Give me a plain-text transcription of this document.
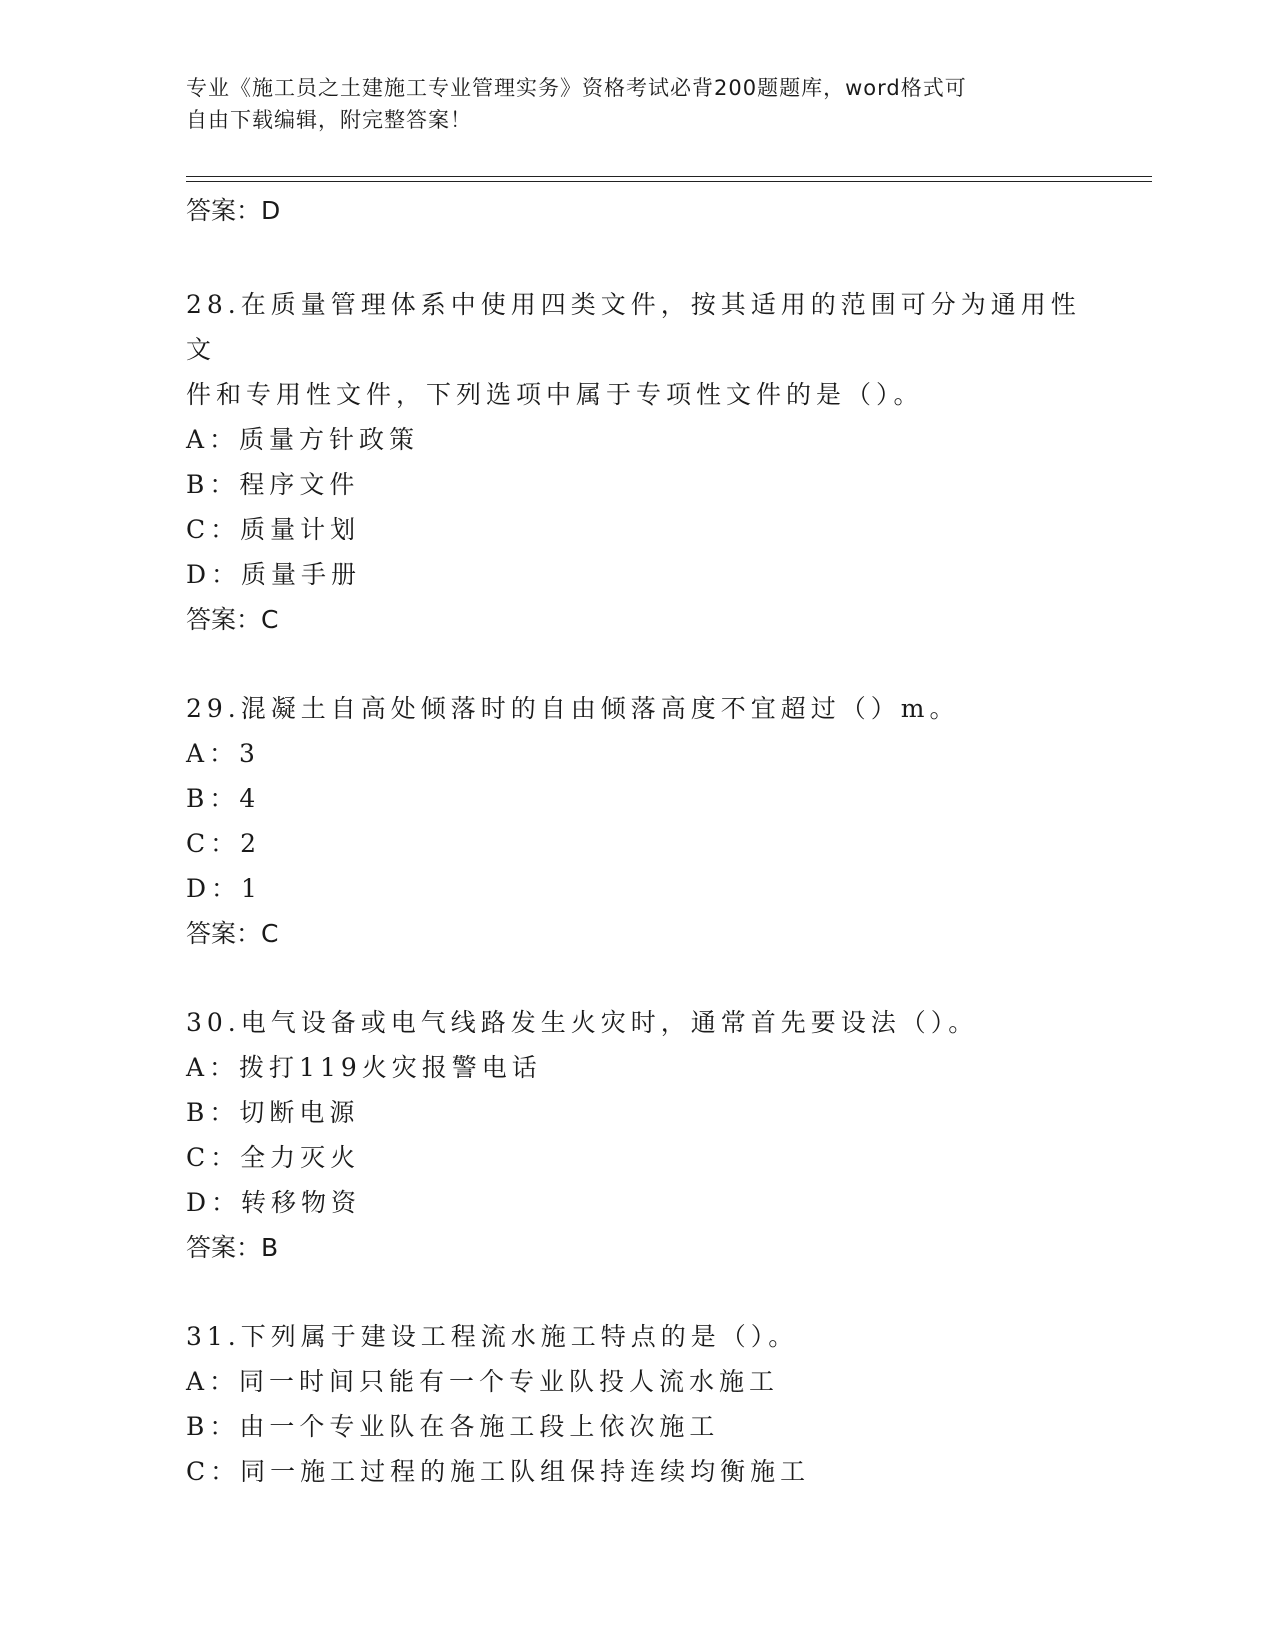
专业《施工员之土建施工专业管理实务》资格考试必背200题题库，word格式可
自由下载编辑，附完整答案！
答案：D
28.在质量管理体系中使用四类文件，按其适用的范围可分为通用性文
件和专用性文件，下列选项中属于专项性文件的是（）。
A：质量方针政策
B：程序文件
C：质量计划
D：质量手册
答案：C
29.混凝土自高处倾落时的自由倾落高度不宜超过（）m。
A：3
B：4
C：2
D：1
答案：C
30.电气设备或电气线路发生火灾时，通常首先要设法（）。
A：拨打119火灾报警电话
B：切断电源
C：全力灭火
D：转移物资
答案：B
31.下列属于建设工程流水施工特点的是（）。
A：同一时间只能有一个专业队投人流水施工
B：由一个专业队在各施工段上依次施工
C：同一施工过程的施工队组保持连续均衡施工
